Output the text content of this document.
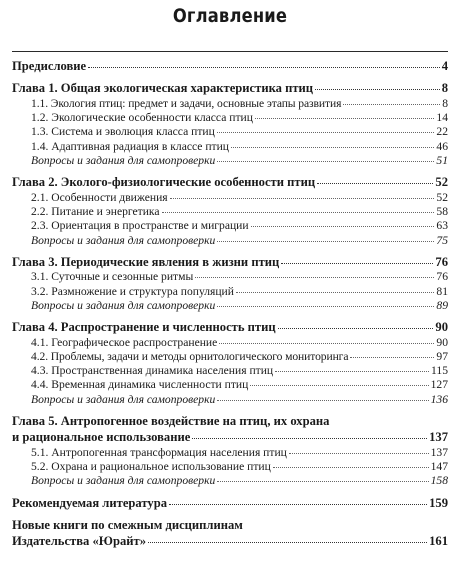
Оглавление
Предисловие	4
Глава 1. Общая экологическая характеристика птиц	8
1.1. Экология птиц: предмет и задачи, основные этапы развития	8
1.2. Экологические особенности класса птиц	14
1.3. Система и эволюция класса птиц	22
1.4. Адаптивная радиация в классе птиц	46
Вопросы и задания для самопроверки	51
Глава 2. Эколого-физиологические особенности птиц	52
2.1. Особенности движения	52
2.2. Питание и энергетика	58
2.3. Ориентация в пространстве и миграции	63
Вопросы и задания для самопроверки	75
Глава 3. Периодические явления в жизни птиц	76
3.1. Суточные и сезонные ритмы	76
3.2. Размножение и структура популяций	81
Вопросы и задания для самопроверки	89
Глава 4. Распространение и численность птиц	90
4.1. Географическое распространение	90
4.2. Проблемы, задачи и методы орнитологического мониторинга	97
4.3. Пространственная динамика населения птиц	115
4.4. Временная динамика численности птиц	127
Вопросы и задания для самопроверки	136
Глава 5. Антропогенное воздействие на птиц, их охрана
и рациональное использование	137
5.1. Антропогенная трансформация населения птиц	137
5.2. Охрана и рациональное использование птиц	147
Вопросы и задания для самопроверки	158
Рекомендуемая литература	159
Новые книги по смежным дисциплинам
Издательства «Юрайт»	161
